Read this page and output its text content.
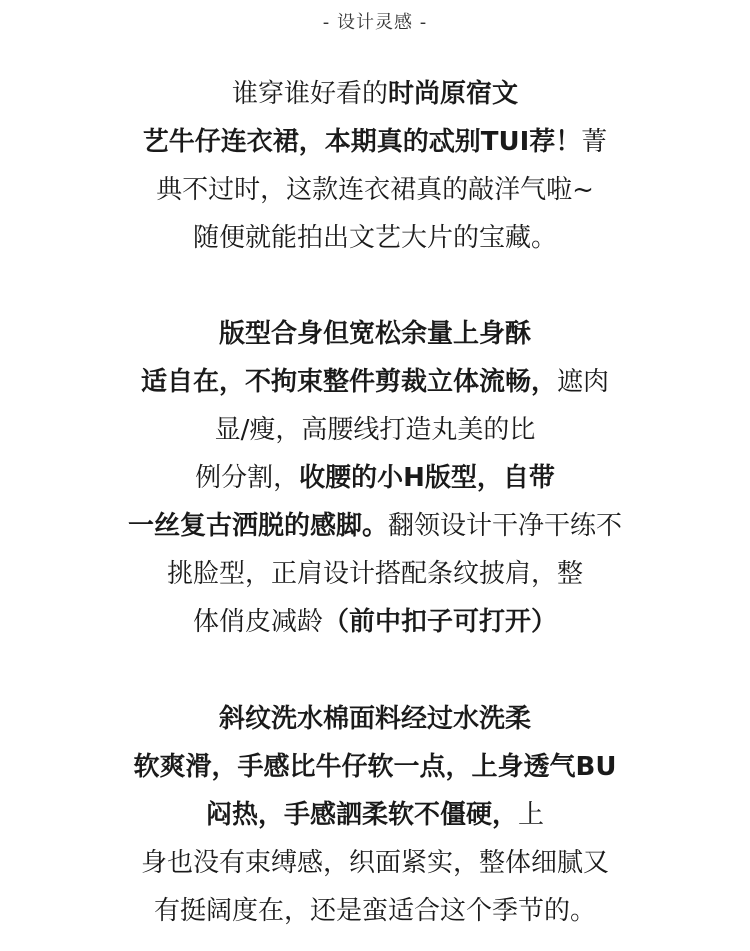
- 设计灵感 -
谁穿谁好看的时尚原宿文
艺牛仔连衣裙，本期真的忒别TUI荐！菁
典不过时，这款连衣裙真的敲洋气啦~
随便就能拍出文艺大片的宝藏。
版型合身但宽松余量上身酥
适自在，不拘束整件剪裁立体流畅，遮肉
显/瘦，高腰线打造丸美的比
例分割，收腰的小H版型，自带
一丝复古洒脱的感脚。翻领设计干净干练不
挑脸型，正肩设计搭配条纹披肩，整
体俏皮减龄（前中扣子可打开）
斜纹洗水棉面料经过水洗柔
软爽滑，手感比牛仔软一点，上身透气BU
闷热，手感訵柔软不僵硬，上
身也没有束缚感，织面紧实，整体细腻又
有挺阔度在，还是蛮适合这个季节的。
